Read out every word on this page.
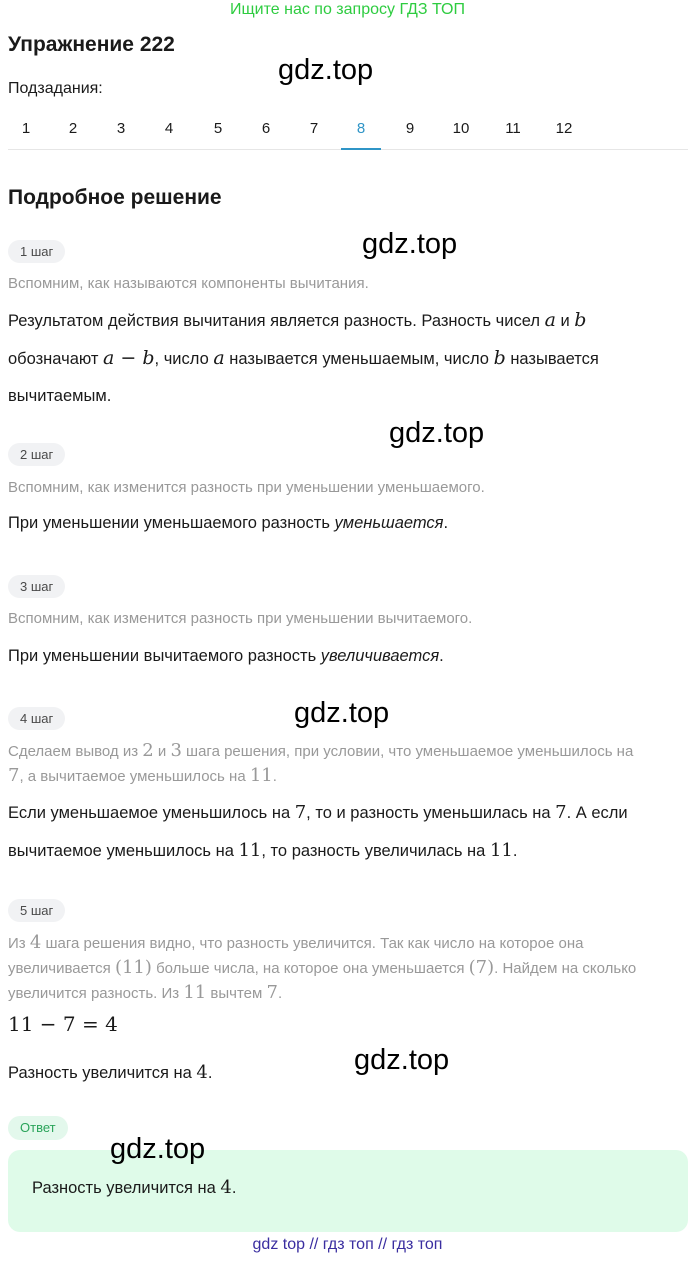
Ищите нас по запросу ГДЗ ТОП
Упражнение 222
Подзадания:
gdz.top
1	2	3	4	5	6	7	8	9	10	11	12
Подробное решение
gdz.top
1 шаг
Вспомним, как называются компоненты вычитания.
Результатом действия вычитания является разность. Разность чисел a и b
обозначают a − b, число a называется уменьшаемым, число b называется
вычитаемым.
gdz.top
2 шаг
Вспомним, как изменится разность при уменьшении уменьшаемого.
При уменьшении уменьшаемого разность уменьшается.
3 шаг
Вспомним, как изменится разность при уменьшении вычитаемого.
При уменьшении вычитаемого разность увеличивается.
gdz.top
4 шаг
Сделаем вывод из 2 и 3 шага решения, при условии, что уменьшаемое уменьшилось на
7, а вычитаемое уменьшилось на 11.
Если уменьшаемое уменьшилось на 7, то и разность уменьшилась на 7. А если
вычитаемое уменьшилось на 11, то разность увеличилась на 11.
5 шаг
Из 4 шага решения видно, что разность увеличится. Так как число на которое она
увеличивается (11) больше числа, на которое она уменьшается (7). Найдем на сколько
увеличится разность. Из 11 вычтем 7.
11 − 7 = 4
Разность увеличится на 4.	gdz.top
Ответ
Разность увеличится на 4.
gdz.top
gdz top // гдз топ // гдз топ
